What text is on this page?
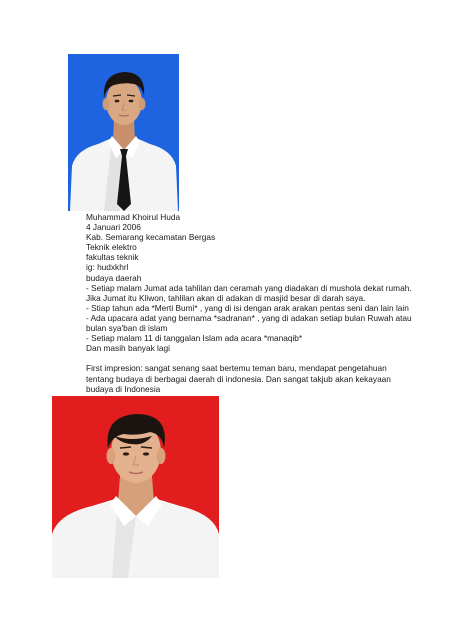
Muhammad Khoirul Huda
4 Januari 2006
Kab. Semarang kecamatan Bergas
Teknik elektro
fakultas teknik
ig: hudxkhrl
budaya daerah
- Setiap malam Jumat ada tahlilan dan ceramah yang diadakan di mushola dekat rumah. Jika Jumat itu Kliwon, tahlilan akan di adakan di masjid besar di darah saya.
- Stiap tahun ada *Merti Bumi* , yang di isi dengan arak arakan pentas seni dan lain lain
- Ada upacara adat yang bernama *sadranan* , yang di adakan setiap bulan Ruwah atau bulan sya'ban di islam
- Setiap malam 11 di tanggalan Islam ada acara *manaqib*
Dan masih banyak lagi
First impresion: sangat senang saat bertemu teman baru, mendapat pengetahuan tentang budaya di berbagai daerah di indonesia. Dan sangat takjub akan kekayaan budaya di Indonesia
